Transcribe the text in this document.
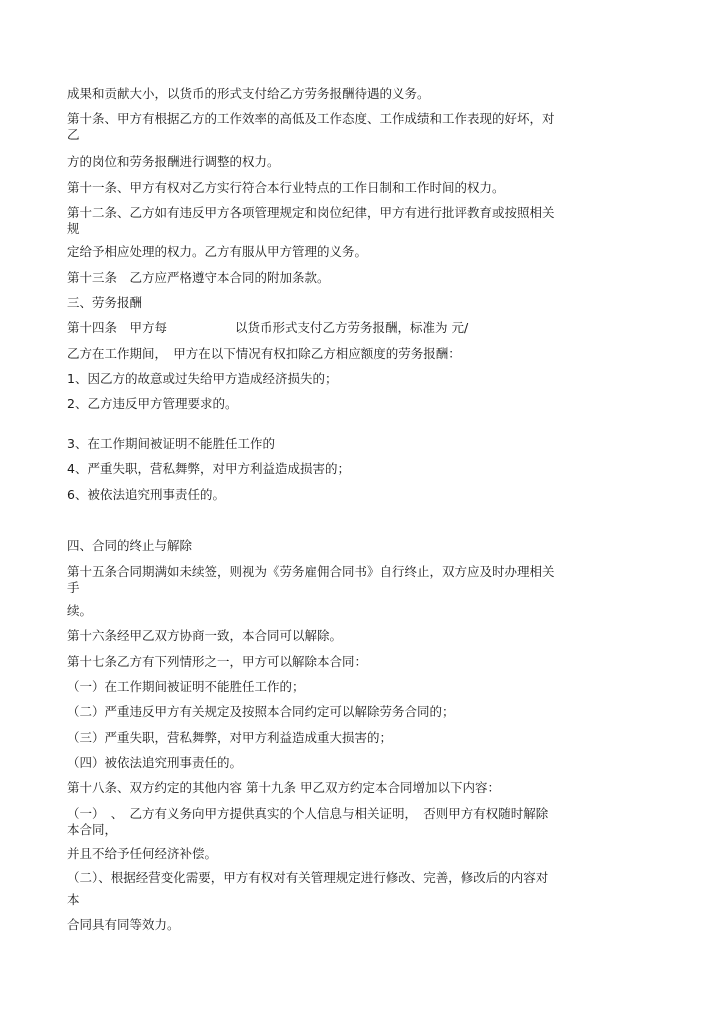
成果和贡献大小，以货币的形式支付给乙方劳务报酬待遇的义务。
第十条、甲方有根据乙方的工作效率的高低及工作态度、工作成绩和工作表现的好坏，对
乙
方的岗位和劳务报酬进行调整的权力。
第十一条、甲方有权对乙方实行符合本行业特点的工作日制和工作时间的权力。
第十二条、乙方如有违反甲方各项管理规定和岗位纪律，甲方有进行批评教育或按照相关
规
定给予相应处理的权力。乙方有服从甲方管理的义务。
第十三条　乙方应严格遵守本合同的附加条款。
三、劳务报酬
第十四条　甲方每	以货币形式支付乙方劳务报酬，标准为 元/
乙方在工作期间，　甲方在以下情况有权扣除乙方相应额度的劳务报酬：
1、因乙方的故意或过失给甲方造成经济损失的；
2、乙方违反甲方管理要求的。
3、在工作期间被证明不能胜任工作的
4、严重失职，营私舞弊，对甲方利益造成损害的；
6、被依法追究刑事责任的。
四、合同的终止与解除
第十五条合同期满如未续签，则视为《劳务雇佣合同书》自行终止，双方应及时办理相关
手
续。
第十六条经甲乙双方协商一致，本合同可以解除。
第十七条乙方有下列情形之一，甲方可以解除本合同：
（一）在工作期间被证明不能胜任工作的；
（二）严重违反甲方有关规定及按照本合同约定可以解除劳务合同的；
（三）严重失职，营私舞弊，对甲方利益造成重大损害的；
（四）被依法追究刑事责任的。
第十八条、双方约定的其他内容 第十九条 甲乙双方约定本合同增加以下内容：
（一）　、　乙方有义务向甲方提供真实的个人信息与相关证明，　否则甲方有权随时解除
本合同，
并且不给予任何经济补偿。
（二）、根据经营变化需要，甲方有权对有关管理规定进行修改、完善，修改后的内容对
本
合同具有同等效力。
